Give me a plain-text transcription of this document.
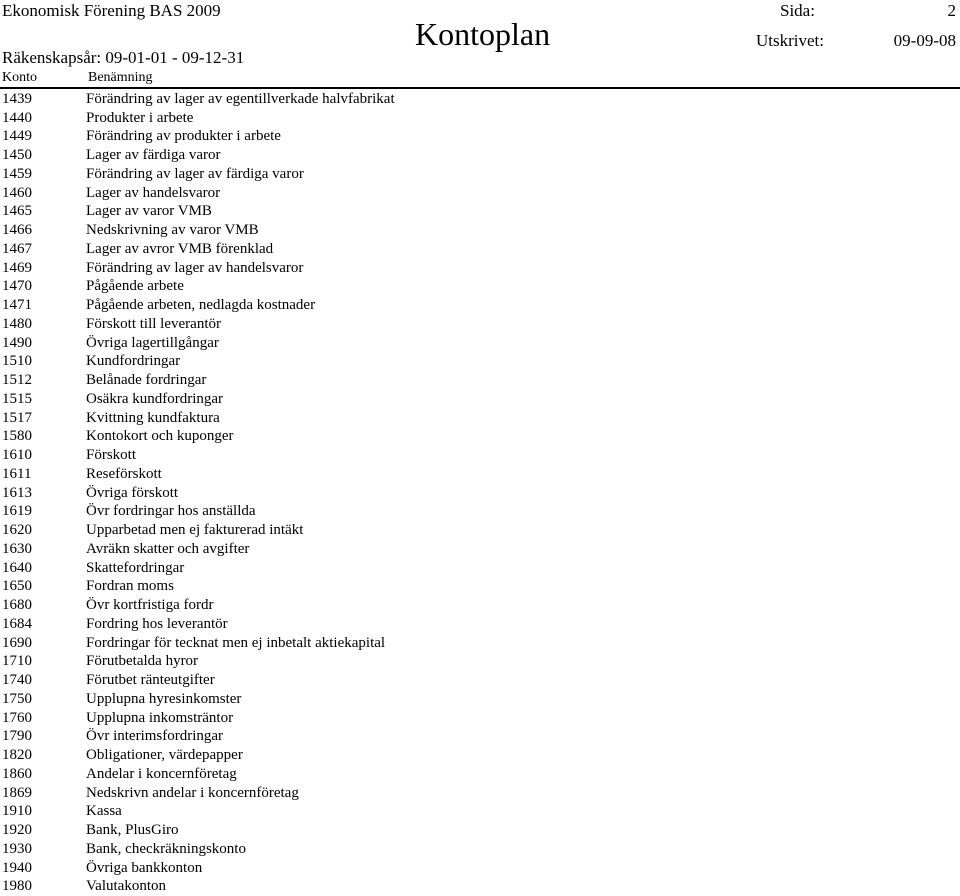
Ekonomisk Förening BAS 2009	Sida:	2
Kontoplan
Räkenskapsår: 09-01-01 - 09-12-31
Utskrivet:	09-09-08
Konto	Benämning
1439	Förändring av lager av egentillverkade halvfabrikat
1440	Produkter i arbete
1449	Förändring av produkter i arbete
1450	Lager av färdiga varor
1459	Förändring av lager av färdiga varor
1460	Lager av handelsvaror
1465	Lager av varor VMB
1466	Nedskrivning av varor VMB
1467	Lager av avror VMB förenklad
1469	Förändring av lager av handelsvaror
1470	Pågående arbete
1471	Pågående arbeten, nedlagda kostnader
1480	Förskott till leverantör
1490	Övriga lagertillgångar
1510	Kundfordringar
1512	Belånade fordringar
1515	Osäkra kundfordringar
1517	Kvittning kundfaktura
1580	Kontokort och kuponger
1610	Förskott
1611	Reseförskott
1613	Övriga förskott
1619	Övr fordringar hos anställda
1620	Upparbetad men ej fakturerad intäkt
1630	Avräkn skatter och avgifter
1640	Skattefordringar
1650	Fordran moms
1680	Övr kortfristiga fordr
1684	Fordring hos leverantör
1690	Fordringar för tecknat men ej inbetalt aktiekapital
1710	Förutbetalda hyror
1740	Förutbet ränteutgifter
1750	Upplupna hyresinkomster
1760	Upplupna inkomsträntor
1790	Övr interimsfordringar
1820	Obligationer, värdepapper
1860	Andelar i koncernföretag
1869	Nedskrivn andelar i koncernföretag
1910	Kassa
1920	Bank, PlusGiro
1930	Bank, checkräkningskonto
1940	Övriga bankkonton
1980	Valutakonton
